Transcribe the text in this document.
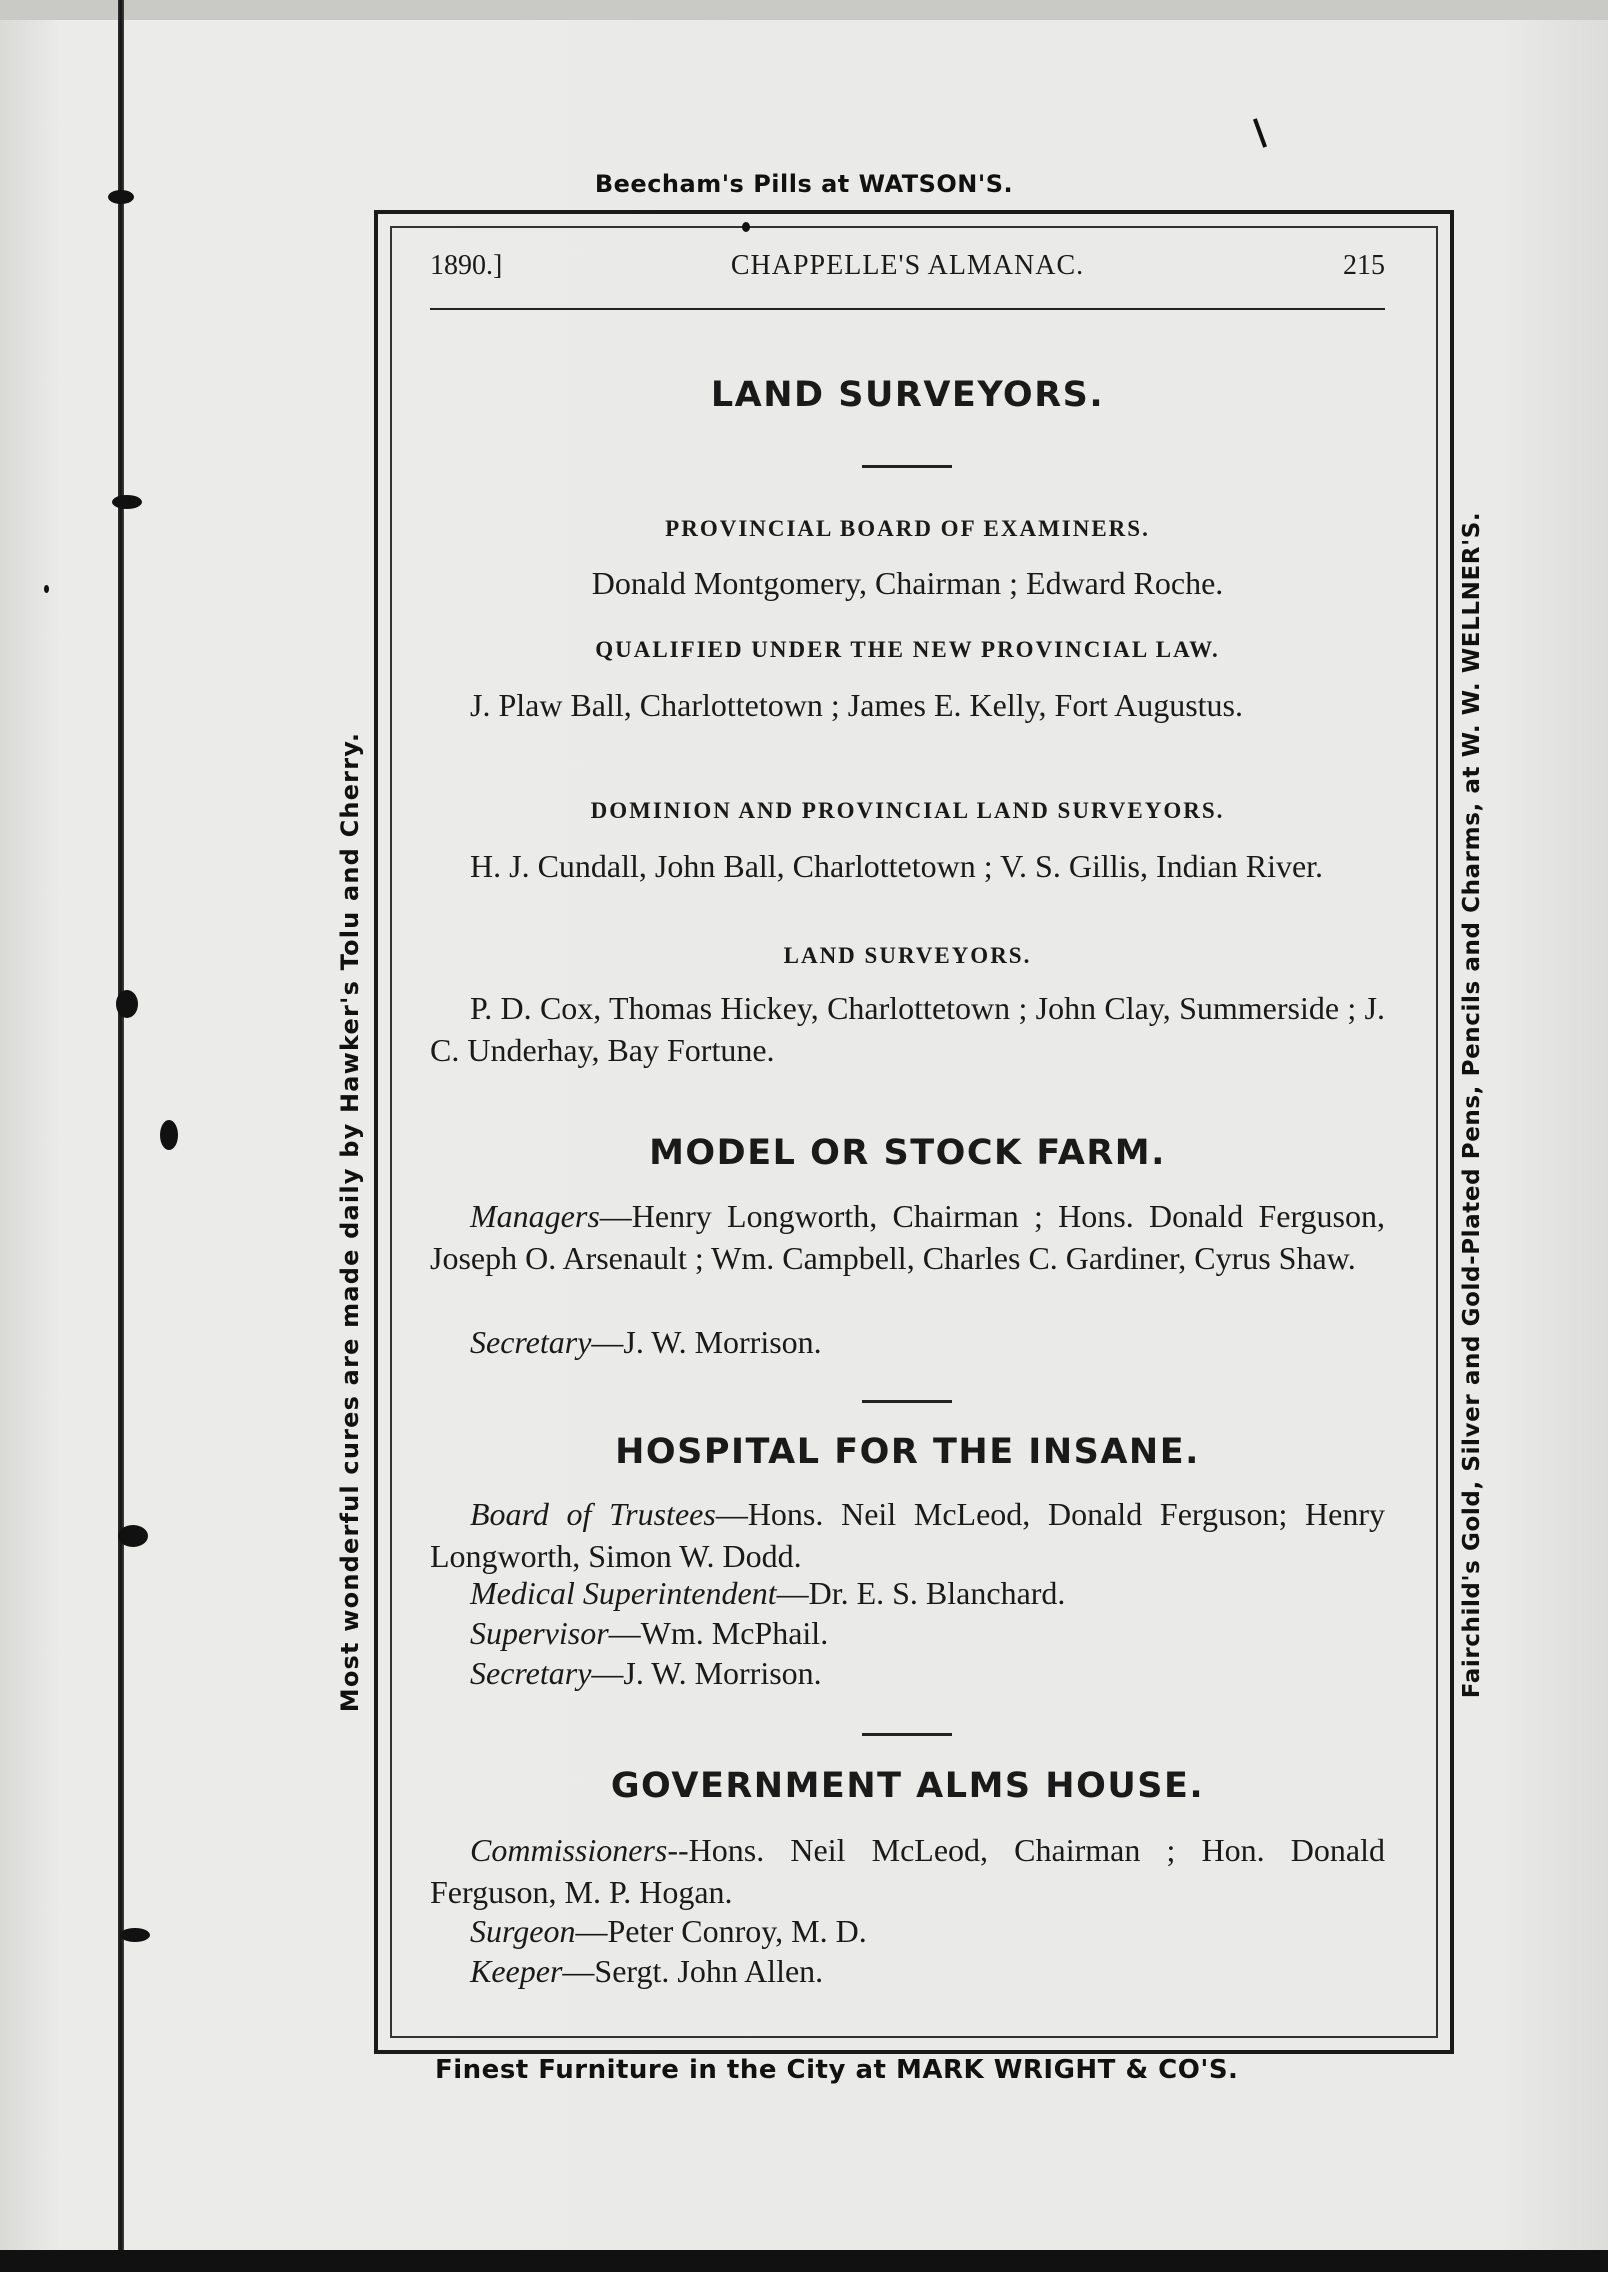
Beecham's Pills at WATSON'S.
Most wonderful cures are made daily by Hawker's Tolu and Cherry.	Fairchild's Gold, Silver and Gold-Plated Pens, Pencils and Charms, at W. W. WELLNER'S.
Finest Furniture in the City at MARK WRIGHT & CO'S.
CHAPPELLE'S ALMANAC.
1890.]	215
LAND SURVEYORS.
PROVINCIAL BOARD OF EXAMINERS.
Donald Montgomery, Chairman ; Edward Roche.
QUALIFIED UNDER THE NEW PROVINCIAL LAW.
J. Plaw Ball, Charlottetown ; James E. Kelly, Fort Augustus.
DOMINION AND PROVINCIAL LAND SURVEYORS.
H. J. Cundall, John Ball, Charlottetown ; V. S. Gillis, Indian River.
LAND SURVEYORS.
P. D. Cox, Thomas Hickey, Charlottetown ; John Clay, Summerside ; J. C. Underhay, Bay Fortune.
MODEL OR STOCK FARM.
Managers—Henry Longworth, Chairman ; Hons. Donald Ferguson, Joseph O. Arsenault ; Wm. Campbell, Charles C. Gardiner, Cyrus Shaw.
Secretary—J. W. Morrison.
HOSPITAL FOR THE INSANE.
Board of Trustees—Hons. Neil McLeod, Donald Ferguson; Henry Longworth, Simon W. Dodd.
Medical Superintendent—Dr. E. S. Blanchard.
Supervisor—Wm. McPhail.
Secretary—J. W. Morrison.
GOVERNMENT ALMS HOUSE.
Commissioners--Hons. Neil McLeod, Chairman ; Hon. Donald Ferguson, M. P. Hogan.
Surgeon—Peter Conroy, M. D.
Keeper—Sergt. John Allen.
